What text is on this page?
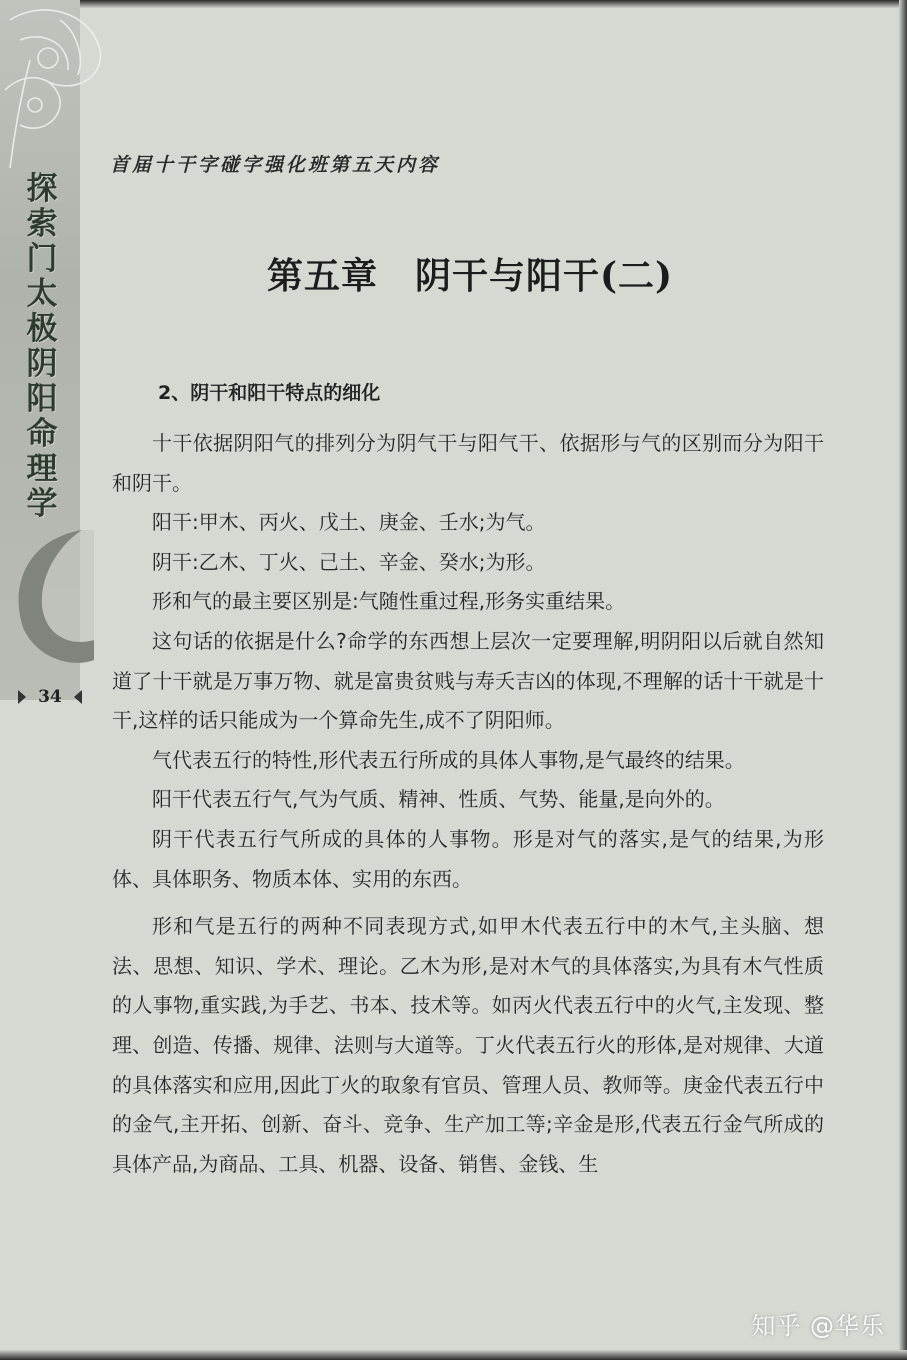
探索门太极阴阳命理学
34
首届十干字碰字强化班第五天内容
第五章　阴干与阳干(二)
2、阴干和阳干特点的细化

十干依据阴阳气的排列分为阴气干与阳气干、依据形与气的区别而分为阳干和阴干。

阳干:甲木、丙火、戊土、庚金、壬水;为气。

阴干:乙木、丁火、己土、辛金、癸水;为形。

形和气的最主要区别是:气随性重过程,形务实重结果。

这句话的依据是什么?命学的东西想上层次一定要理解,明阴阳以后就自然知道了十干就是万事万物、就是富贵贫贱与寿夭吉凶的体现,不理解的话十干就是十干,这样的话只能成为一个算命先生,成不了阴阳师。

气代表五行的特性,形代表五行所成的具体人事物,是气最终的结果。

阳干代表五行气,气为气质、精神、性质、气势、能量,是向外的。

阴干代表五行气所成的具体的人事物。形是对气的落实,是气的结果,为形体、具体职务、物质本体、实用的东西。

形和气是五行的两种不同表现方式,如甲木代表五行中的木气,主头脑、想法、思想、知识、学术、理论。乙木为形,是对木气的具体落实,为具有木气性质的人事物,重实践,为手艺、书本、技术等。如丙火代表五行中的火气,主发现、整理、创造、传播、规律、法则与大道等。丁火代表五行火的形体,是对规律、大道的具体落实和应用,因此丁火的取象有官员、管理人员、教师等。庚金代表五行中的金气,主开拓、创新、奋斗、竞争、生产加工等;辛金是形,代表五行金气所成的具体产品,为商品、工具、机器、设备、销售、金钱、生

知乎 @华乐
